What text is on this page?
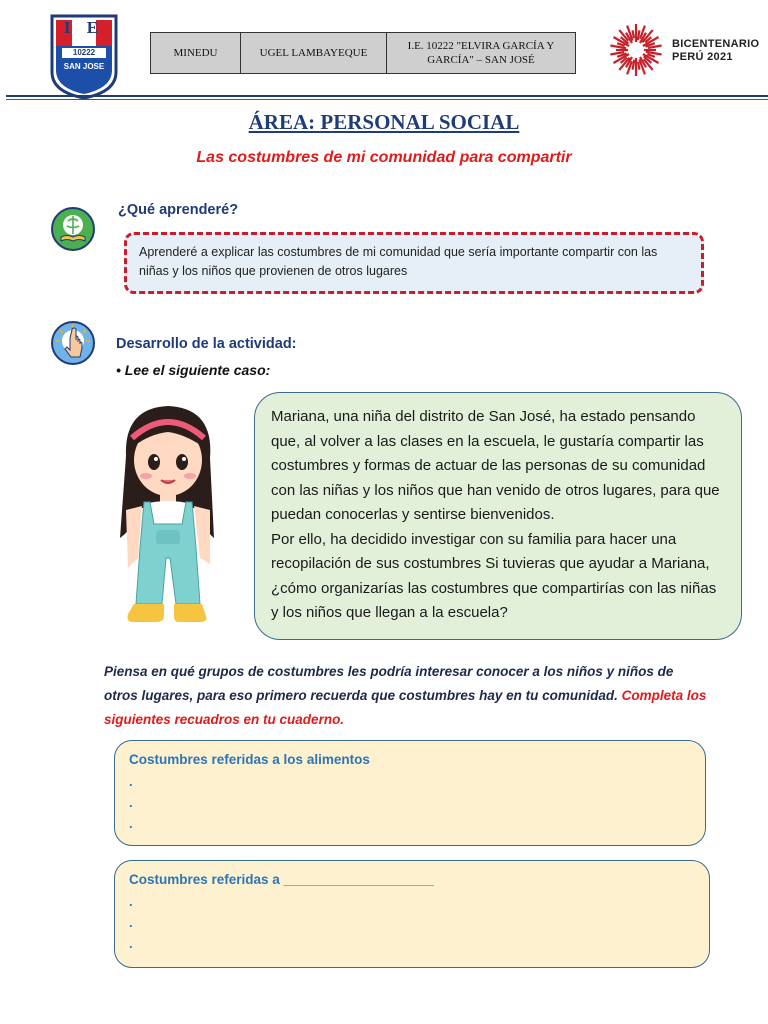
I E
10222
SAN JOSE
MINEDU	UGEL LAMBAYEQUE
I.E. 10222 "ELVIRA GARCÍA Y GARCÍA" – SAN JOSÉ
BICENTENARIO
PERÚ 2021
ÁREA: PERSONAL SOCIAL
Las costumbres de mi comunidad para compartir
¿Qué aprenderé?
Aprenderé a explicar las costumbres de mi comunidad que sería importante compartir con las niñas y los niños que provienen de otros lugares
Desarrollo de la actividad:
• Lee el siguiente caso:
Mariana, una niña del distrito de San José, ha estado pensando que, al volver a las clases en la escuela, le gustaría compartir las costumbres y formas de actuar de las personas de su comunidad con las niñas y los niños que han venido de otros lugares, para que puedan conocerlas y sentirse bienvenidos.
Por ello, ha decidido investigar con su familia para hacer una recopilación de sus costumbres Si tuvieras que ayudar a Mariana, ¿cómo organizarías las costumbres que compartirías con las niñas y los niños que llegan a la escuela?
Piensa en qué grupos de costumbres les podría interesar conocer a los niños y niños de otros lugares, para eso primero recuerda que costumbres hay en tu comunidad. Completa los siguientes recuadros en tu cuaderno.
Costumbres referidas a los alimentos
.
.
.
Costumbres referidas a ____________________
.
.
.
